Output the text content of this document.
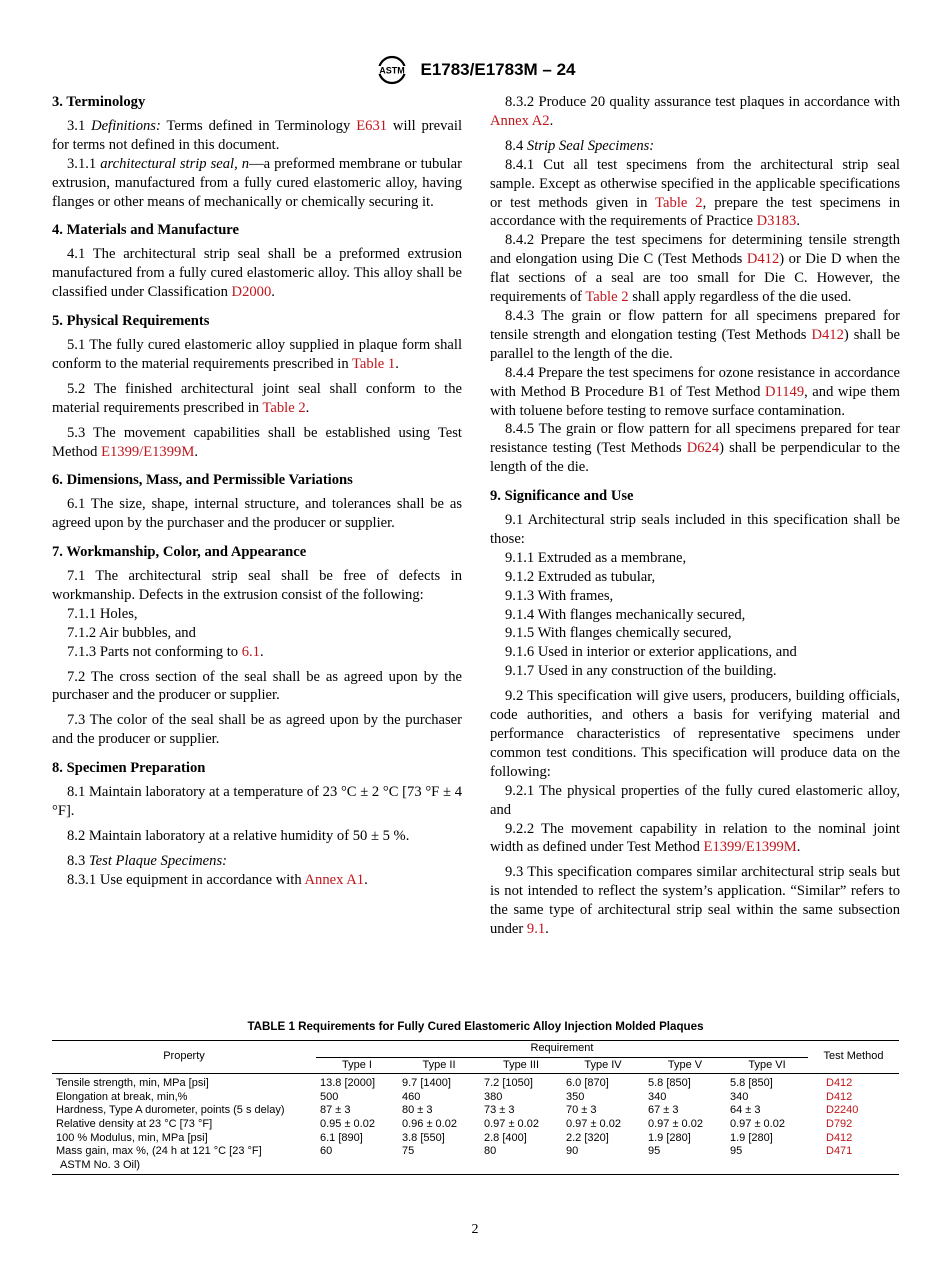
ASTM E1783/E1783M – 24
3. Terminology

3.1 Definitions: Terms defined in Terminology E631 will prevail for terms not defined in this document.

3.1.1 architectural strip seal, n—a preformed membrane or tubular extrusion, manufactured from a fully cured elastomeric alloy, having flanges or other means of mechanically or chemically securing it.

4. Materials and Manufacture

4.1 The architectural strip seal shall be a preformed extrusion manufactured from a fully cured elastomeric alloy. This alloy shall be classified under Classification D2000.

5. Physical Requirements

5.1 The fully cured elastomeric alloy supplied in plaque form shall conform to the material requirements prescribed in Table 1.

5.2 The finished architectural joint seal shall conform to the material requirements prescribed in Table 2.

5.3 The movement capabilities shall be established using Test Method E1399/E1399M.

6. Dimensions, Mass, and Permissible Variations

6.1 The size, shape, internal structure, and tolerances shall be as agreed upon by the purchaser and the producer or supplier.

7. Workmanship, Color, and Appearance

7.1 The architectural strip seal shall be free of defects in workmanship. Defects in the extrusion consist of the following:

7.1.1 Holes,

7.1.2 Air bubbles, and

7.1.3 Parts not conforming to 6.1.

7.2 The cross section of the seal shall be as agreed upon by the purchaser and the producer or supplier.

7.3 The color of the seal shall be as agreed upon by the purchaser and the producer or supplier.

8. Specimen Preparation

8.1 Maintain laboratory at a temperature of 23 °C ± 2 °C [73 °F ± 4 °F].

8.2 Maintain laboratory at a relative humidity of 50 ± 5 %.

8.3 Test Plaque Specimens:

8.3.1 Use equipment in accordance with Annex A1.

8.3.2 Produce 20 quality assurance test plaques in accordance with Annex A2.

8.4 Strip Seal Specimens:

8.4.1 Cut all test specimens from the architectural strip seal sample. Except as otherwise specified in the applicable specifications or test methods given in Table 2, prepare the test specimens in accordance with the requirements of Practice D3183.

8.4.2 Prepare the test specimens for determining tensile strength and elongation using Die C (Test Methods D412) or Die D when the flat sections of a seal are too small for Die C. However, the requirements of Table 2 shall apply regardless of the die used.

8.4.3 The grain or flow pattern for all specimens prepared for tensile strength and elongation testing (Test Methods D412) shall be parallel to the length of the die.

8.4.4 Prepare the test specimens for ozone resistance in accordance with Method B Procedure B1 of Test Method D1149, and wipe them with toluene before testing to remove surface contamination.

8.4.5 The grain or flow pattern for all specimens prepared for tear resistance testing (Test Methods D624) shall be perpendicular to the length of the die.

9. Significance and Use

9.1 Architectural strip seals included in this specification shall be those:

9.1.1 Extruded as a membrane,

9.1.2 Extruded as tubular,

9.1.3 With frames,

9.1.4 With flanges mechanically secured,

9.1.5 With flanges chemically secured,

9.1.6 Used in interior or exterior applications, and

9.1.7 Used in any construction of the building.

9.2 This specification will give users, producers, building officials, code authorities, and others a basis for verifying material and performance characteristics of representative specimens under common test conditions. This specification will produce data on the following:

9.2.1 The physical properties of the fully cured elastomeric alloy, and

9.2.2 The movement capability in relation to the nominal joint width as defined under Test Method E1399/E1399M.

9.3 This specification compares similar architectural strip seals but is not intended to reflect the system’s application. “Similar” refers to the same type of architectural strip seal within the same subsection under 9.1.

TABLE 1 Requirements for Fully Cured Elastomeric Alloy Injection Molded Plaques
Property	Requirement						Test Method
	Type I	Type II	Type III	Type IV	Type V	Type VI	
Tensile strength, min, MPa [psi]	13.8 [2000]	9.7 [1400]	7.2 [1050]	6.0 [870]	5.8 [850]	5.8 [850]	D412
Elongation at break, min,%	500	460	380	350	340	340	D412
Hardness, Type A durometer, points (5 s delay)	87 ± 3	80 ± 3	73 ± 3	70 ± 3	67 ± 3	64 ± 3	D2240
Relative density at 23 °C [73 °F]	0.95 ± 0.02	0.96 ± 0.02	0.97 ± 0.02	0.97 ± 0.02	0.97 ± 0.02	0.97 ± 0.02	D792
100 % Modulus, min, MPa [psi]	6.1 [890]	3.8 [550]	2.8 [400]	2.2 [320]	1.9 [280]	1.9 [280]	D412
Mass gain, max %, (24 h at 121 °C [23 °F]
ASTM No. 3 Oil)	60	75	80	90	95	95	D471
2
